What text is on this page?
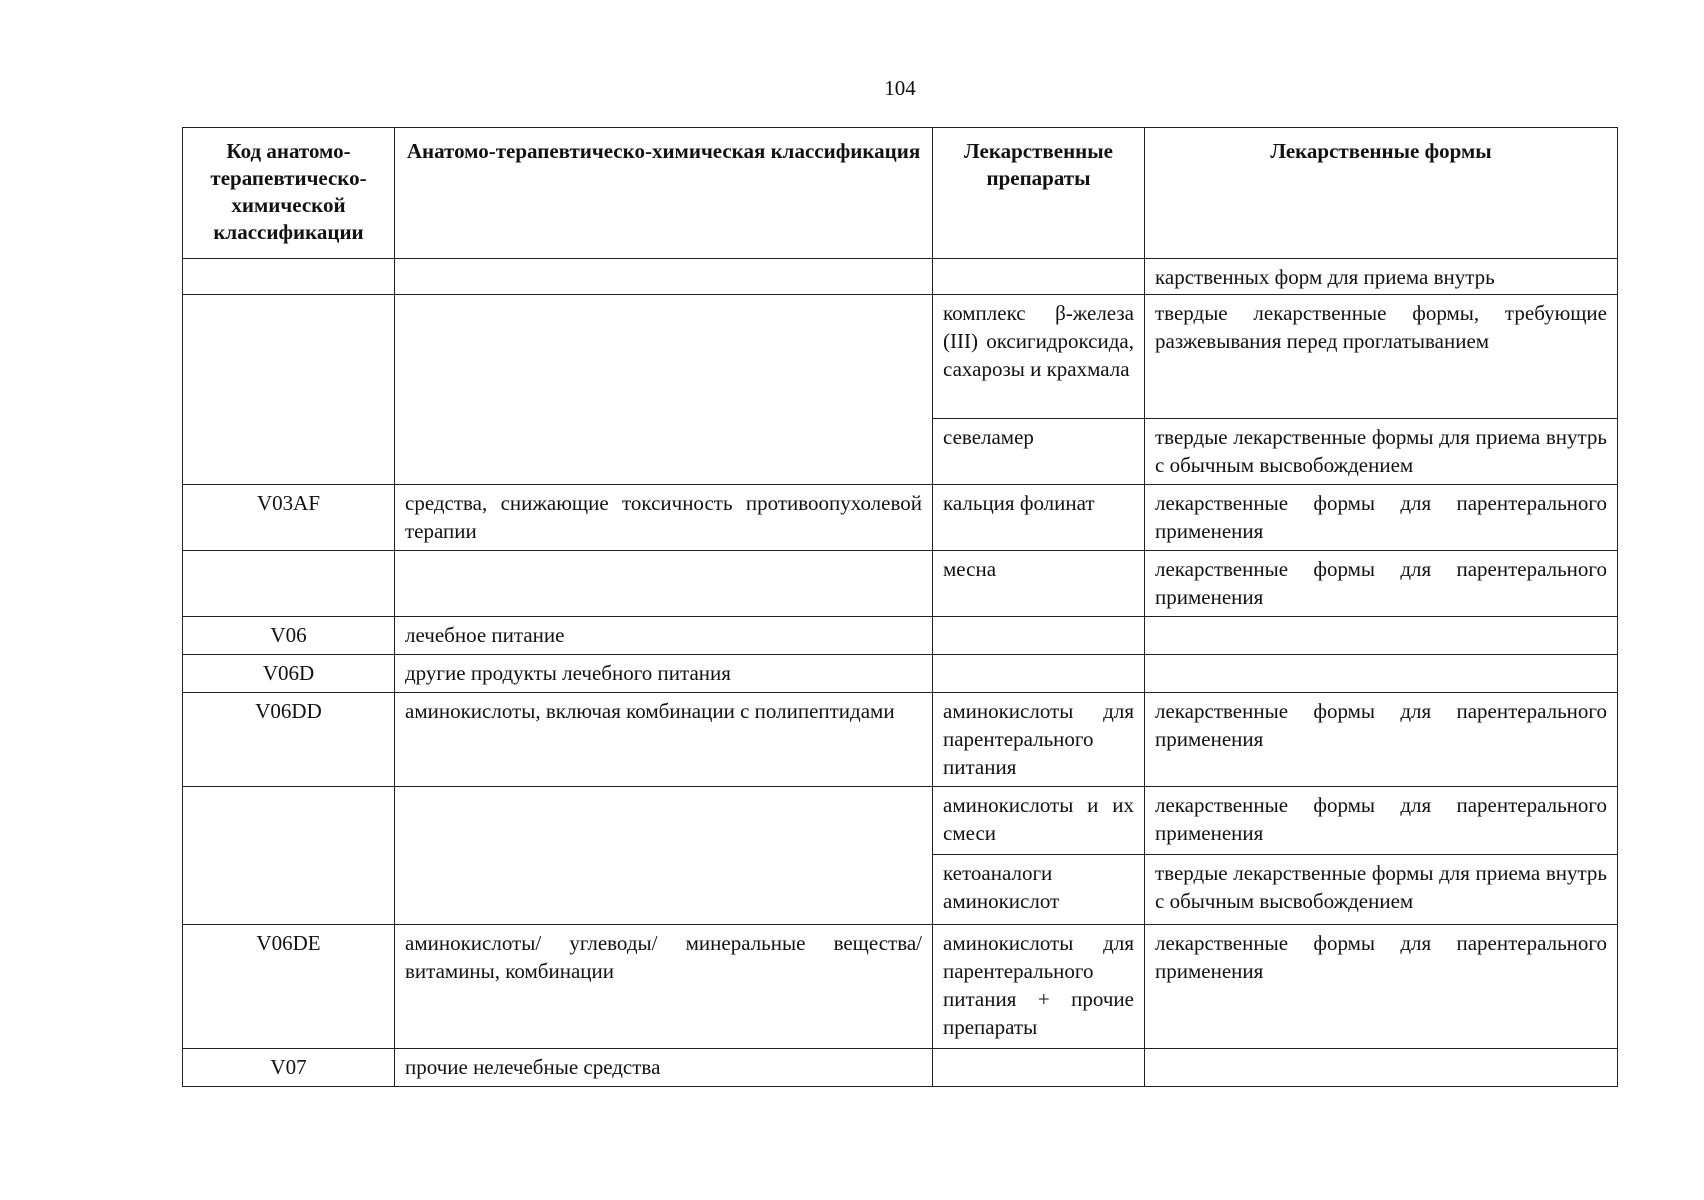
104
Код анатомо-терапевтическо-химической классификации	Анатомо-терапевтическо-химическая классификация	Лекарственные препараты	Лекарственные формы
			карственных форм для приема внутрь
		комплекс β-железа (III) оксигидроксида, сахарозы и крахмала	твердые лекарственные формы, требующие разжевывания перед проглатыванием
		севеламер	твердые лекарственные формы для приема внутрь с обычным высвобождением
V03AF	средства, снижающие токсичность противоопухолевой терапии	кальция фолинат	лекарственные формы для парентерального применения
		месна	лекарственные формы для парентерального применения
V06	лечебное питание		
V06D	другие продукты лечебного питания		
V06DD	аминокислоты, включая комбинации с полипептидами	аминокислоты для парентерального питания	лекарственные формы для парентерального применения
		аминокислоты и их смеси	лекарственные формы для парентерального применения
		кетоаналоги аминокислот	твердые лекарственные формы для приема внутрь с обычным высвобождением
V06DE	аминокислоты/ углеводы/ минеральные вещества/ витамины, комбинации	аминокислоты для парентерального питания + прочие препараты	лекарственные формы для парентерального применения
V07	прочие нелечебные средства		
